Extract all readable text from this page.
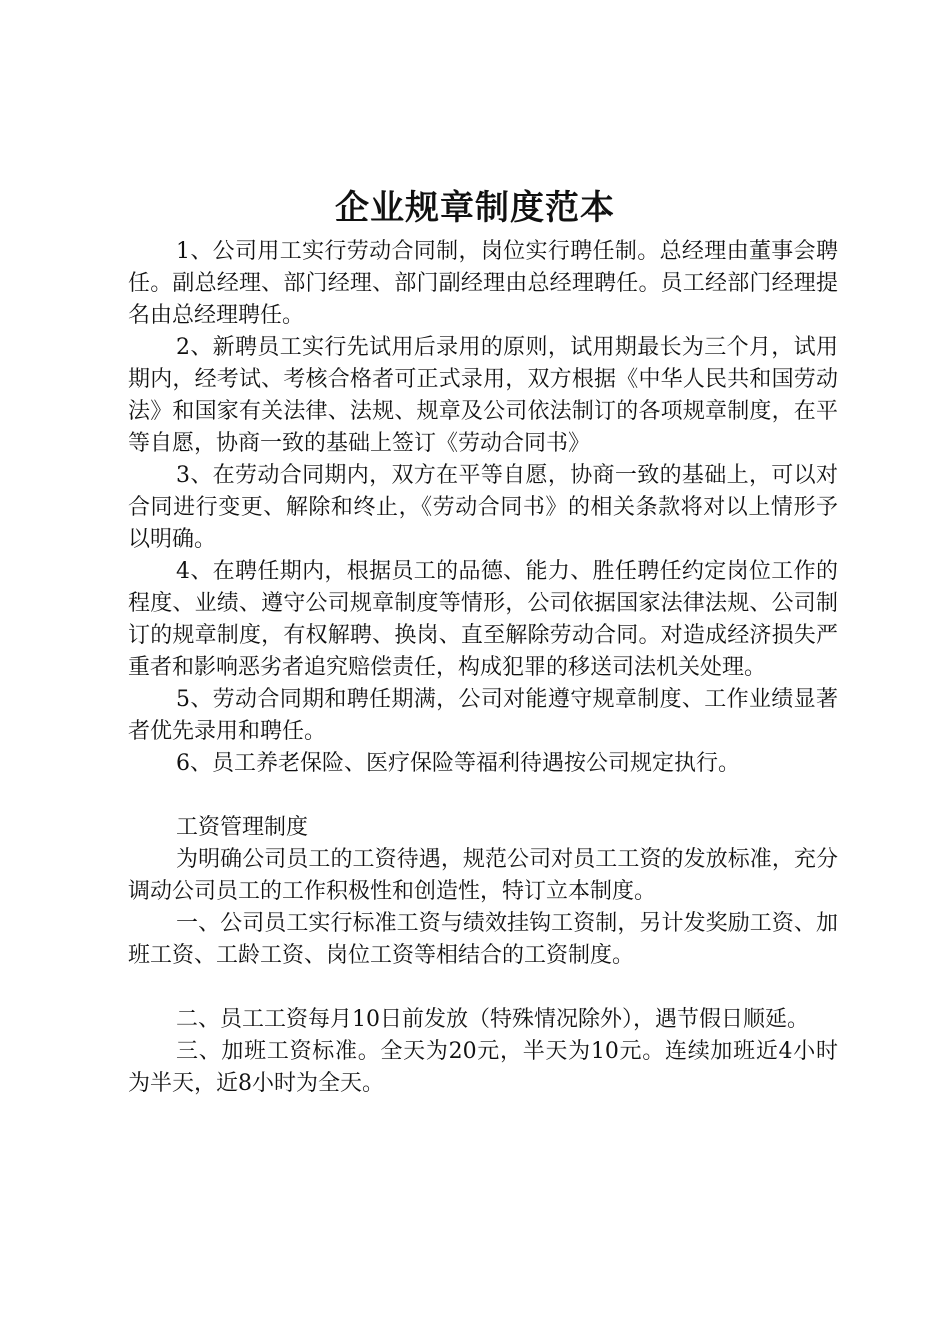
企业规章制度范本

1、公司用工实行劳动合同制，岗位实行聘任制。总经理由董事会聘任。副总经理、部门经理、部门副经理由总经理聘任。员工经部门经理提名由总经理聘任。

2、新聘员工实行先试用后录用的原则，试用期最长为三个月，试用期内，经考试、考核合格者可正式录用，双方根据《中华人民共和国劳动法》和国家有关法律、法规、规章及公司依法制订的各项规章制度，在平等自愿，协商一致的基础上签订《劳动合同书》

3、在劳动合同期内，双方在平等自愿，协商一致的基础上，可以对合同进行变更、解除和终止，《劳动合同书》的相关条款将对以上情形予以明确。

4、在聘任期内，根据员工的品德、能力、胜任聘任约定岗位工作的程度、业绩、遵守公司规章制度等情形，公司依据国家法律法规、公司制订的规章制度，有权解聘、换岗、直至解除劳动合同。对造成经济损失严重者和影响恶劣者追究赔偿责任，构成犯罪的移送司法机关处理。

5、劳动合同期和聘任期满，公司对能遵守规章制度、工作业绩显著者优先录用和聘任。

6、员工养老保险、医疗保险等福利待遇按公司规定执行。

工资管理制度

为明确公司员工的工资待遇，规范公司对员工工资的发放标准，充分调动公司员工的工作积极性和创造性，特订立本制度。

一、公司员工实行标准工资与绩效挂钩工资制，另计发奖励工资、加班工资、工龄工资、岗位工资等相结合的工资制度。

二、员工工资每月10日前发放（特殊情况除外），遇节假日顺延。

三、加班工资标准。全天为20元，半天为10元。连续加班近4小时为半天，近8小时为全天。
